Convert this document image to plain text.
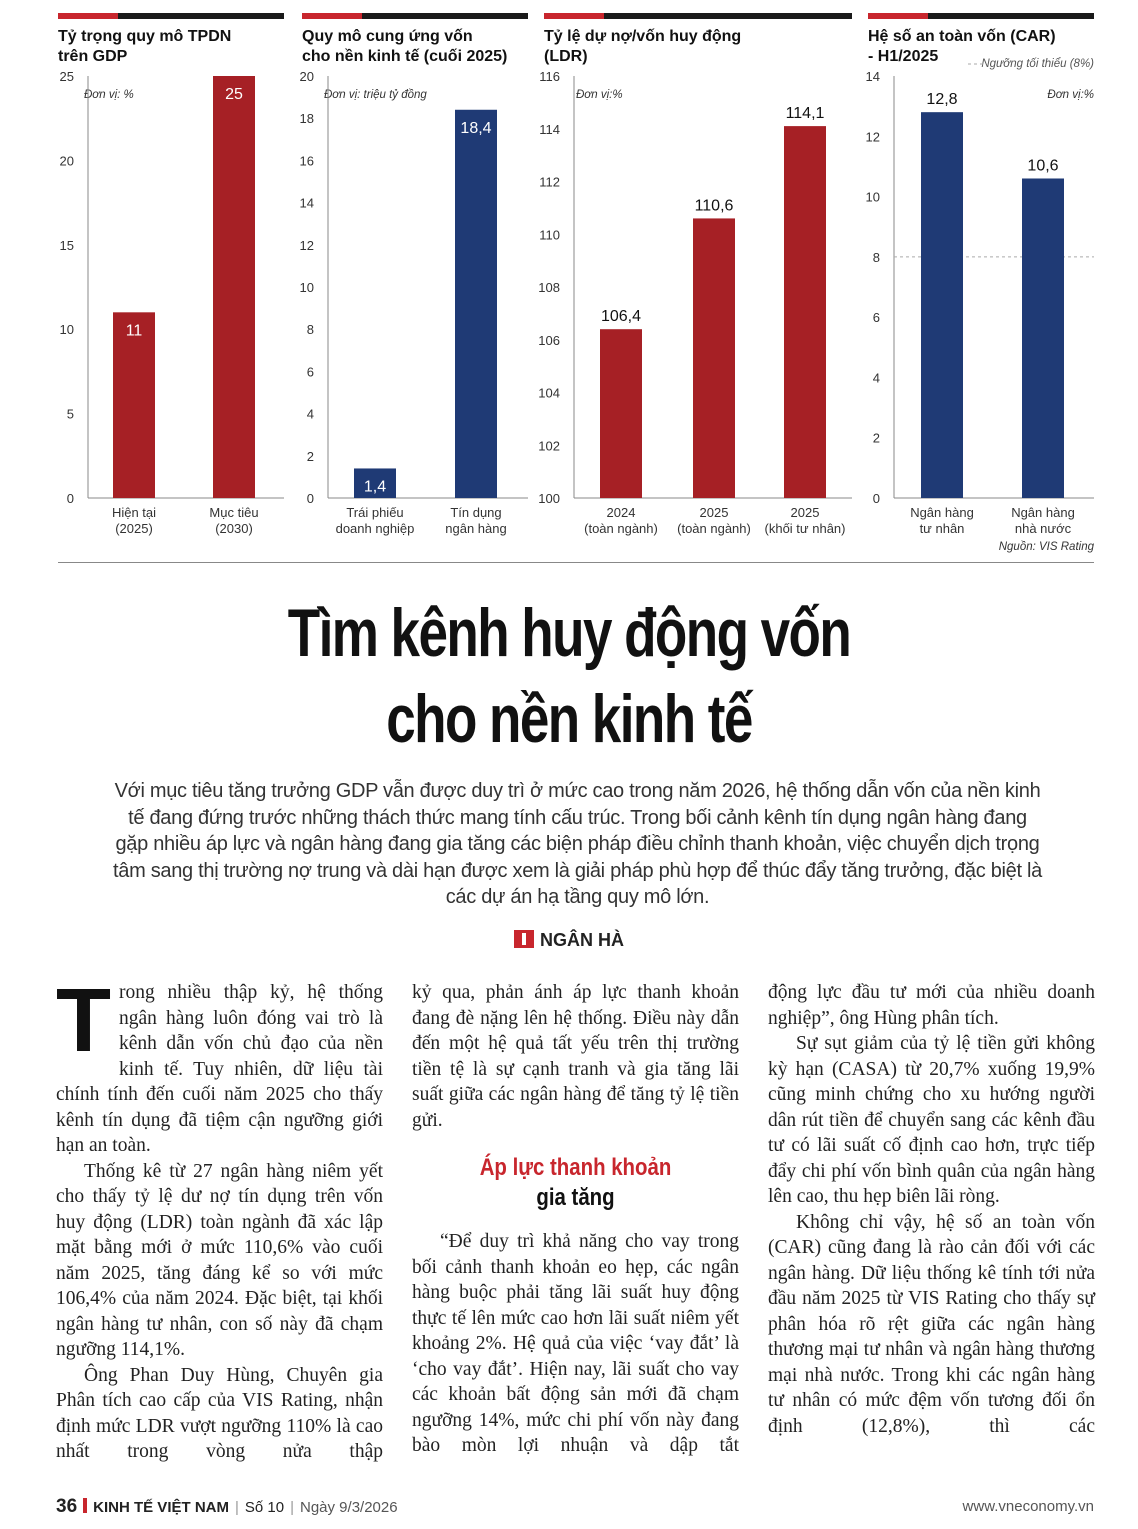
Tỷ trọng quy mô TPDN
trên GDP
Đơn vị: %
0
5
10
15
20
25
11
Hiện tại
(2025)
25
Mục tiêu
(2030)
Quy mô cung ứng vốn
cho nền kinh tế (cuối 2025)
Đơn vị: triệu tỷ đồng
0
2
4
6
8
10
12
14
16
18
20
1,4
Trái phiếu
doanh nghiệp
18,4
Tín dụng
ngân hàng
Tỷ lệ dự nợ/vốn huy động
(LDR)
Đơn vị:%
100
102
104
106
108
110
112
114
116
106,4
2024
(toàn ngành)
110,6
2025
(toàn ngành)
114,1
2025
(khối tư nhân)
Hệ số an toàn vốn (CAR)
- H1/2025	Ngưỡng tối thiểu (8%)
Đơn vị:%
0
2
4
6
8
10
12
14
12,8
Ngân hàng
tư nhân
10,6
Ngân hàng
nhà nước
Nguồn: VIS Rating
Tìm kênh huy động vốn
cho nền kinh tế
Với mục tiêu tăng trưởng GDP vẫn được duy trì ở mức cao trong năm 2026, hệ thống dẫn vốn của nền kinh tế đang đứng trước những thách thức mang tính cấu trúc. Trong bối cảnh kênh tín dụng ngân hàng đang gặp nhiều áp lực và ngân hàng đang gia tăng các biện pháp điều chỉnh thanh khoản, việc chuyển dịch trọng tâm sang thị trường nợ trung và dài hạn được xem là giải pháp phù hợp để thúc đẩy tăng trưởng, đặc biệt là các dự án hạ tầng quy mô lớn.
NGÂN HÀ

Trong nhiều thập kỷ, hệ thống ngân hàng luôn đóng vai trò là kênh dẫn vốn chủ đạo của nền kinh tế. Tuy nhiên, dữ liệu tài chính tính đến cuối năm 2025 cho thấy kênh tín dụng đã tiệm cận ngưỡng giới hạn an toàn.

Thống kê từ 27 ngân hàng niêm yết cho thấy tỷ lệ dư nợ tín dụng trên vốn huy động (LDR) toàn ngành đã xác lập mặt bằng mới ở mức 110,6% vào cuối năm 2025, tăng đáng kể so với mức 106,4% của năm 2024. Đặc biệt, tại khối ngân hàng tư nhân, con số này đã chạm ngưỡng 114,1%.

Ông Phan Duy Hùng, Chuyên gia Phân tích cao cấp của VIS Rating, nhận định mức LDR vượt ngưỡng 110% là cao nhất trong vòng nửa thập

kỷ qua, phản ánh áp lực thanh khoản đang đè nặng lên hệ thống. Điều này dẫn đến một hệ quả tất yếu trên thị trường tiền tệ là sự cạnh tranh và gia tăng lãi suất giữa các ngân hàng để tăng tỷ lệ tiền gửi.

Áp lực thanh khoản
gia tăng

“Để duy trì khả năng cho vay trong bối cảnh thanh khoản eo hẹp, các ngân hàng buộc phải tăng lãi suất huy động thực tế lên mức cao hơn lãi suất niêm yết khoảng 2%. Hệ quả của việc ‘vay đắt’ là ‘cho vay đắt’. Hiện nay, lãi suất cho vay các khoản bất động sản mới đã chạm ngưỡng 14%, mức chi phí vốn này đang bào mòn lợi nhuận và dập tắt

động lực đầu tư mới của nhiều doanh nghiệp”, ông Hùng phân tích.

Sự sụt giảm của tỷ lệ tiền gửi không kỳ hạn (CASA) từ 20,7% xuống 19,9% cũng minh chứng cho xu hướng người dân rút tiền để chuyển sang các kênh đầu tư có lãi suất cố định cao hơn, trực tiếp đẩy chi phí vốn bình quân của ngân hàng lên cao, thu hẹp biên lãi ròng.

Không chỉ vậy, hệ số an toàn vốn (CAR) cũng đang là rào cản đối với các ngân hàng. Dữ liệu thống kê tính tới nửa đầu năm 2025 từ VIS Rating cho thấy sự phân hóa rõ rệt giữa các ngân hàng thương mại tư nhân và ngân hàng thương mại nhà nước. Trong khi các ngân hàng tư nhân có mức đệm vốn tương đối ổn định (12,8%), thì các

36 KINH TẾ VIỆT NAM | Số 10 | Ngày 9/3/2026	www.vneconomy.vn
